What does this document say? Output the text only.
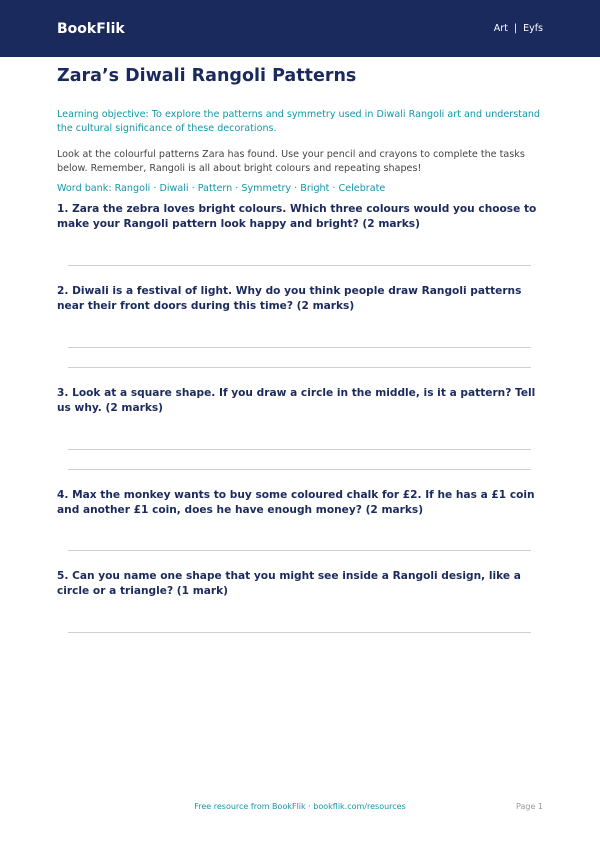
BookFlik	Art | Eyfs
Zara’s Diwali Rangoli Patterns

Learning objective: To explore the patterns and symmetry used in Diwali Rangoli art and understand the cultural significance of these decorations.

Look at the colourful patterns Zara has found. Use your pencil and crayons to complete the tasks below. Remember, Rangoli is all about bright colours and repeating shapes!

Word bank: Rangoli · Diwali · Pattern · Symmetry · Bright · Celebrate

1. Zara the zebra loves bright colours. Which three colours would you choose to make your Rangoli pattern look happy and bright? (2 marks)

2. Diwali is a festival of light. Why do you think people draw Rangoli patterns near their front doors during this time? (2 marks)

3. Look at a square shape. If you draw a circle in the middle, is it a pattern? Tell us why. (2 marks)

4. Max the monkey wants to buy some coloured chalk for £2. If he has a £1 coin and another £1 coin, does he have enough money? (2 marks)

5. Can you name one shape that you might see inside a Rangoli design, like a circle or a triangle? (1 mark)

Free resource from BookFlik · bookflik.com/resources	Page 1
